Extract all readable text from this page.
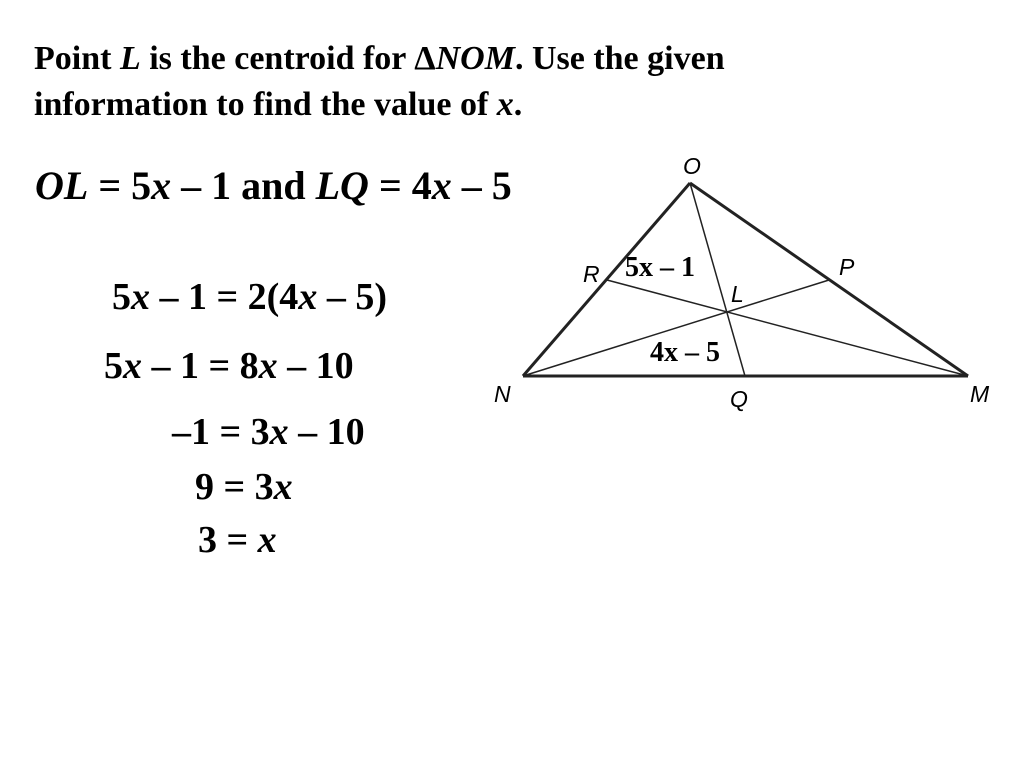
Point L is the centroid for ΔNOM. Use the given
information to find the value of x.
OL = 5x – 1 and LQ = 4x – 5
5x – 1 = 2(4x – 5)
5x – 1 = 8x – 10
–1 = 3x – 10
9 = 3x
3 = x
O
N	M
R	P
Q
L
5x – 1
4x – 5
